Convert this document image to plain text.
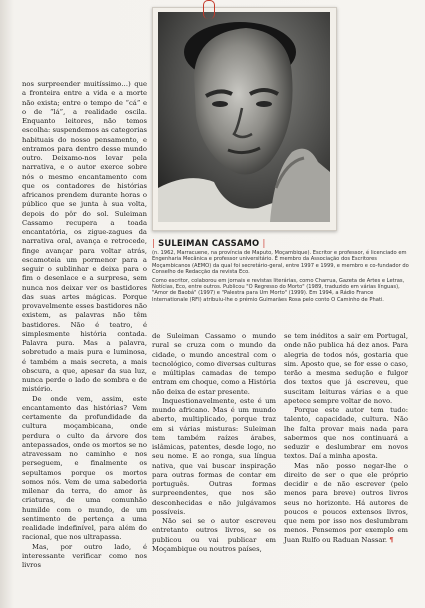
nos surpreender muitíssimo…) que a fronteira entre a vida e a morte não exista; entre o tempo de “cá” e o de “lá”, a realidade oscila. Enquanto leitores, não temos escolha: suspendemos as categorias habituais do nosso pensamento, e entramos para dentro desse mundo outro. Deixamo-nos levar pela narrativa, e o autor exerce sobre nós o mesmo encantamento com que os contadores de histórias africanos prendem durante horas o público que se junta à sua volta, depois do pôr do sol. Suleiman Cassamo recupera a toada encantatória, os zigue-zagues da narrativa oral, avança e retrocede, finge avançar para voltar atrás, escamoteia um pormenor para a seguir o sublinhar e deixa para o fim o desenlace e a surpresa, sem nunca nos deixar ver os bastidores das suas artes mágicas. Porque provavelmente esses bastidores não existem, as palavras não têm bastidores. Não é teatro, é simplesmente história contada. Palavra pura. Mas a palavra, sobretudo a mais pura e luminosa, é também a mais secreta, a mais obscura, a que, apesar da sua luz, nunca perde o lado de sombra e de mistério.

De onde vem, assim, este encantamento das histórias? Vem certamente da profundidade da cultura moçambicana, onde perdura o culto da árvore dos antepassados, onde os mortos se no atravessam no caminho e nos perseguem, e finalmente os sepultamos porque os mortos somos nós. Vem de uma sabedoria milenar da terra, do amor às criaturas, de uma comunhão humilde com o mundo, de um sentimento de pertença a uma realidade indefinível, para além do racional, que nos ultrapassa.

Mas, por outro lado, é interessante verificar como nos livros

| SULEIMAN CASSAMO |

(n. 1962, Marracuene, na província de Maputo, Moçambique). Escritor e professor, é licenciado em Engenharia Mecânica e professor universitário. É membro da Associação dos Escritores Moçambicanos (AEMO) da qual foi secretário-geral, entre 1997 e 1999, e membro e co-fundador do Conselho de Redacção da revista Eco.

Como escritor, colaborou em jornais e revistas literárias, como Charrua, Gazeta de Artes e Letras, Notícias, Eco, entre outros. Publicou "O Regresso do Morto" (1989, traduzido em várias línguas), "Amor de Baobá" (1997) e "Palestra para Um Morto" (1999). Em 1994, a Rádio France Internationale (RFI) atribuiu-lhe o prémio Guimarães Rosa pelo conto O Caminho de Phati.

de Suleiman Cassamo o mundo rural se cruza com o mundo da cidade, o mundo ancestral com o tecnológico, como diversas culturas e múltiplas camadas de tempo entram em choque, como a História não deixa de estar presente.

Inquestionavelmente, este é um mundo africano. Mas é um mundo aberto, multiplicado, porque traz em si várias misturas: Suleiman tem também raízes árabes, islâmicas, patentes, desde logo, no seu nome. E ao ronga, sua língua nativa, que vai buscar inspiração para outras formas de contar em português. Outras formas surpreendentes, que nos são desconhecidas e não julgávamos possíveis.

Não sei se o autor escreveu entretanto outros livros, se os publicou ou vai publicar em Moçambique ou noutros países,

se tem inéditos a sair em Portugal, onde não publica há dez anos. Para alegria de todos nós, gostaria que sim. Aposto que, se for esse o caso, terão a mesma sedução e fulgor dos textos que já escreveu, que suscitam leituras várias e a que apetece sempre voltar de novo.

Porque este autor tem tudo: talento, capacidade, cultura. Não lhe falta provar mais nada para sabermos que nos continuará a seduzir e deslumbrar em novos textos. Daí a minha aposta.

Mas não posso negar-lhe o direito de ser o que ele próprio decidir e de não escrever (pelo menos para breve) outros livros seus no horizonte. Há autores de poucos e poucos extensos livros, que nem por isso nos deslumbram menos. Pensemos por exemplo em Juan Rulfo ou Raduan Nassar. ¶
